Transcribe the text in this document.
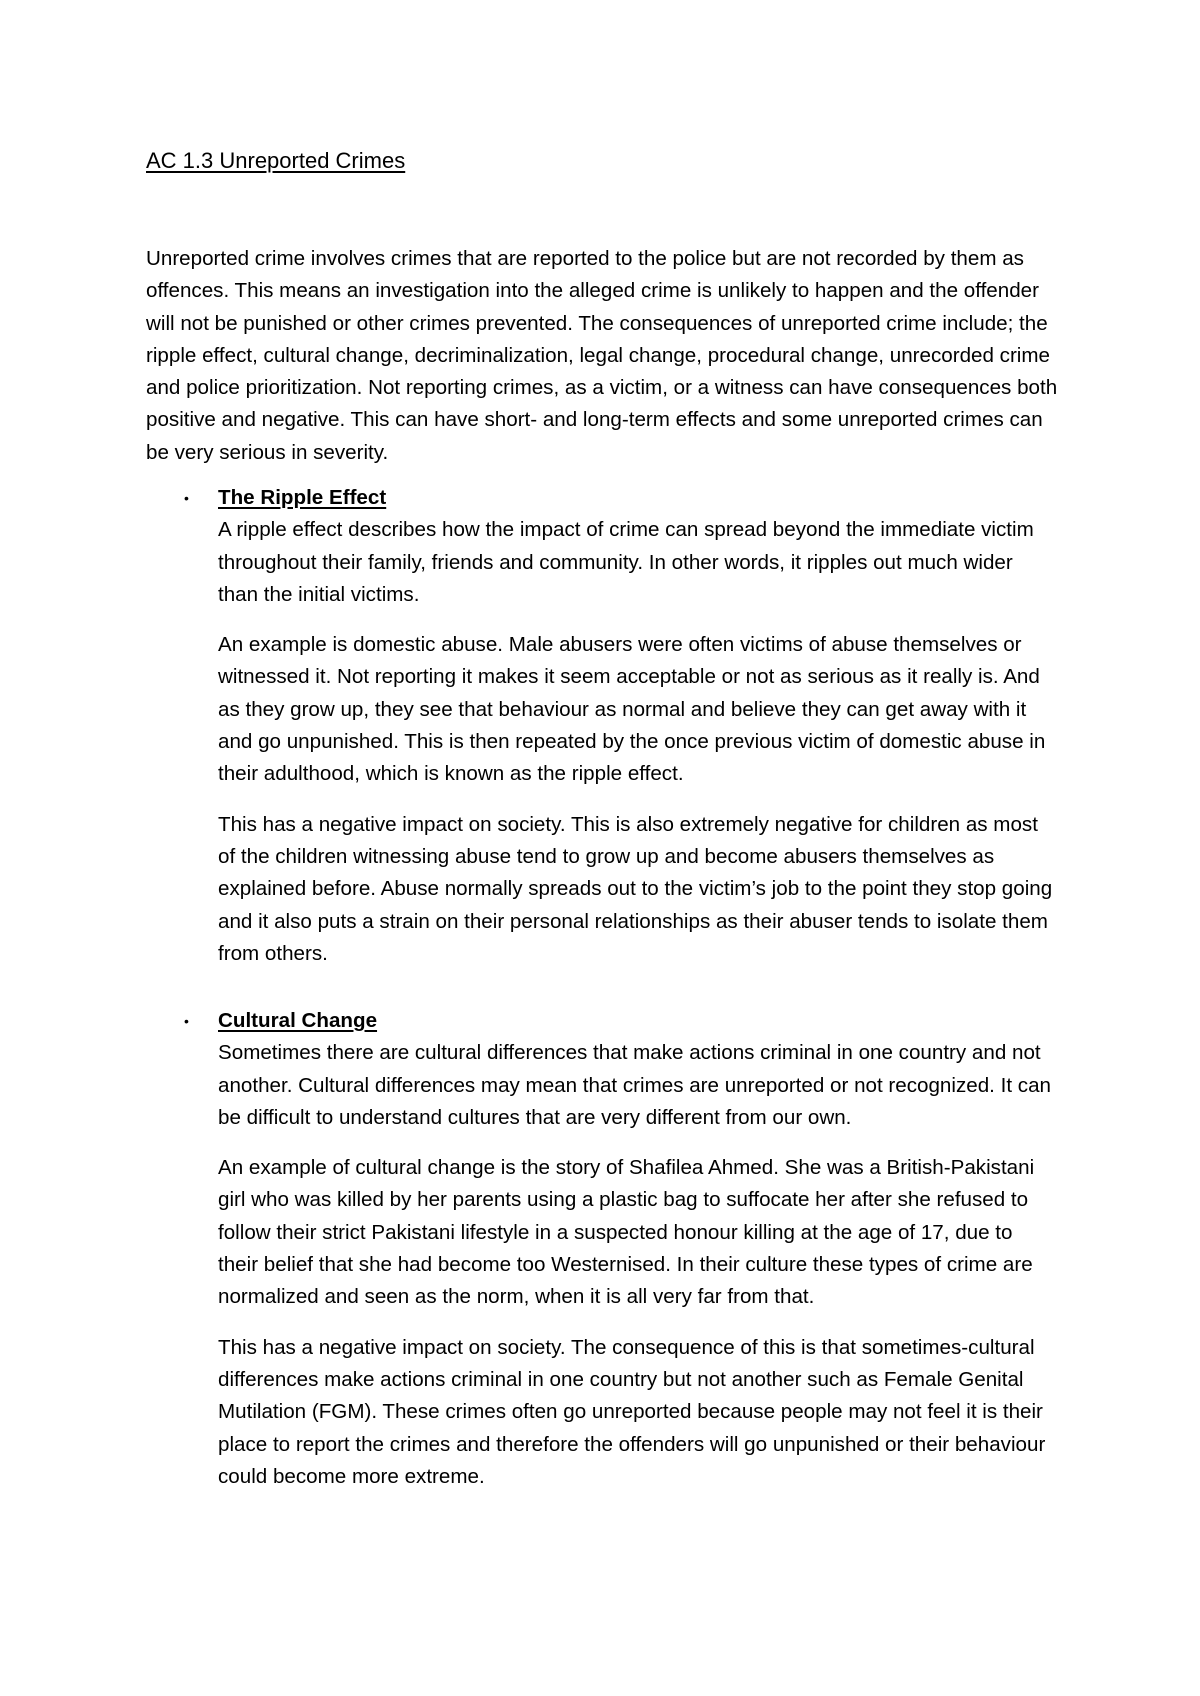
AC 1.3 Unreported Crimes

Unreported crime involves crimes that are reported to the police but are not recorded by them as offences. This means an investigation into the alleged crime is unlikely to happen and the offender will not be punished or other crimes prevented. The consequences of unreported crime include; the ripple effect, cultural change, decriminalization, legal change, procedural change, unrecorded crime and police prioritization. Not reporting crimes, as a victim, or a witness can have consequences both positive and negative. This can have short- and long-term effects and some unreported crimes can be very serious in severity.

• The Ripple Effect

A ripple effect describes how the impact of crime can spread beyond the immediate victim throughout their family, friends and community. In other words, it ripples out much wider than the initial victims.

An example is domestic abuse. Male abusers were often victims of abuse themselves or witnessed it. Not reporting it makes it seem acceptable or not as serious as it really is. And as they grow up, they see that behaviour as normal and believe they can get away with it and go unpunished. This is then repeated by the once previous victim of domestic abuse in their adulthood, which is known as the ripple effect.

This has a negative impact on society. This is also extremely negative for children as most of the children witnessing abuse tend to grow up and become abusers themselves as explained before. Abuse normally spreads out to the victim’s job to the point they stop going and it also puts a strain on their personal relationships as their abuser tends to isolate them from others.

• Cultural Change

Sometimes there are cultural differences that make actions criminal in one country and not another. Cultural differences may mean that crimes are unreported or not recognized. It can be difficult to understand cultures that are very different from our own.

An example of cultural change is the story of Shafilea Ahmed. She was a British-Pakistani girl who was killed by her parents using a plastic bag to suffocate her after she refused to follow their strict Pakistani lifestyle in a suspected honour killing at the age of 17, due to their belief that she had become too Westernised. In their culture these types of crime are normalized and seen as the norm, when it is all very far from that.

This has a negative impact on society. The consequence of this is that sometimes-cultural differences make actions criminal in one country but not another such as Female Genital Mutilation (FGM). These crimes often go unreported because people may not feel it is their place to report the crimes and therefore the offenders will go unpunished or their behaviour could become more extreme.
